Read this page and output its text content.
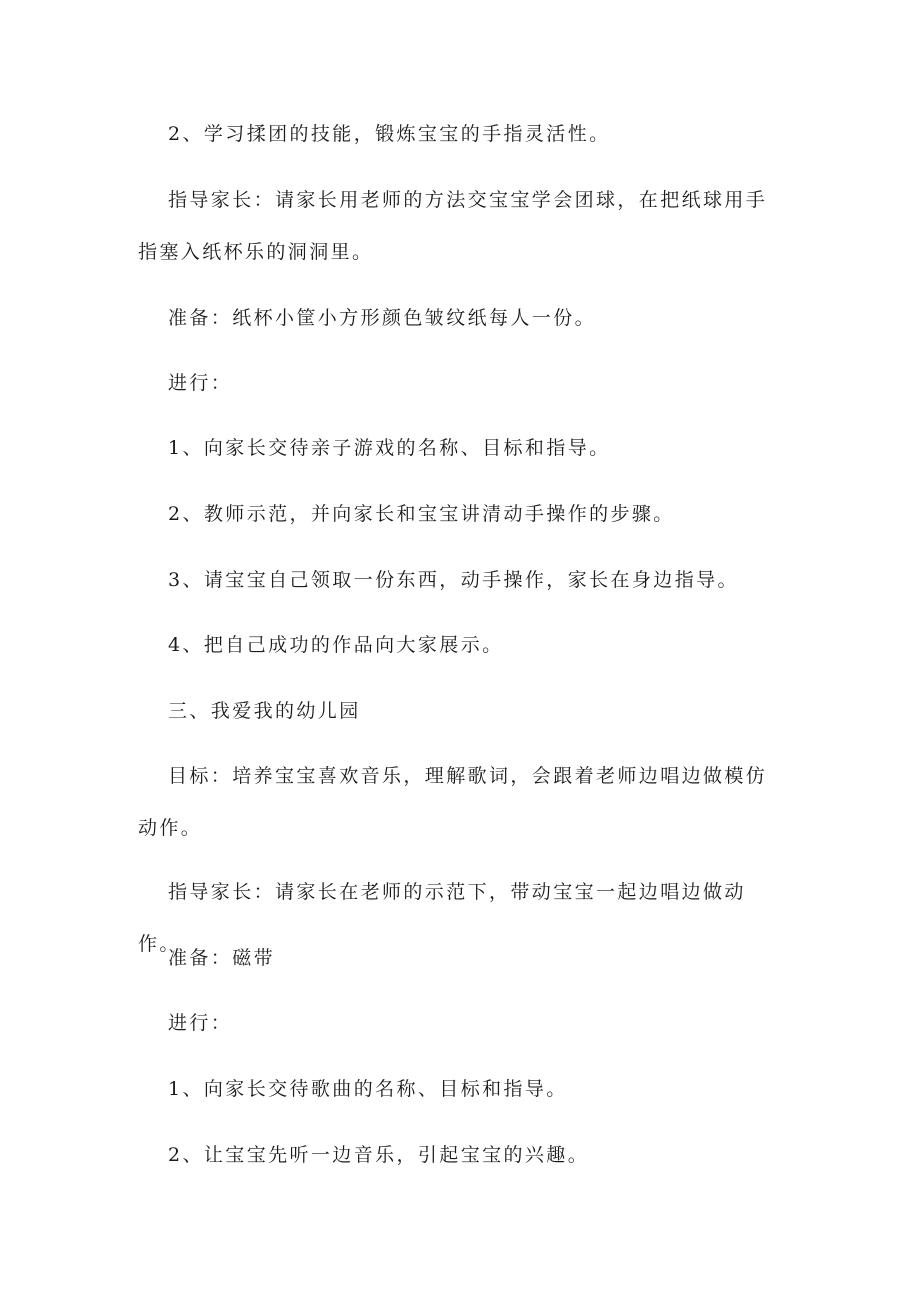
2、学习揉团的技能，锻炼宝宝的手指灵活性。

指导家长：请家长用老师的方法交宝宝学会团球，在把纸球用手指塞入纸杯乐的洞洞里。

准备：纸杯小筐小方形颜色皱纹纸每人一份。

进行：

1、向家长交待亲子游戏的名称、目标和指导。

2、教师示范，并向家长和宝宝讲清动手操作的步骤。

3、请宝宝自己领取一份东西，动手操作，家长在身边指导。

4、把自己成功的作品向大家展示。

三、我爱我的幼儿园

目标：培养宝宝喜欢音乐，理解歌词，会跟着老师边唱边做模仿动作。

指导家长：请家长在老师的示范下，带动宝宝一起边唱边做动作。

准备：磁带

进行：

1、向家长交待歌曲的名称、目标和指导。

2、让宝宝先听一边音乐，引起宝宝的兴趣。
